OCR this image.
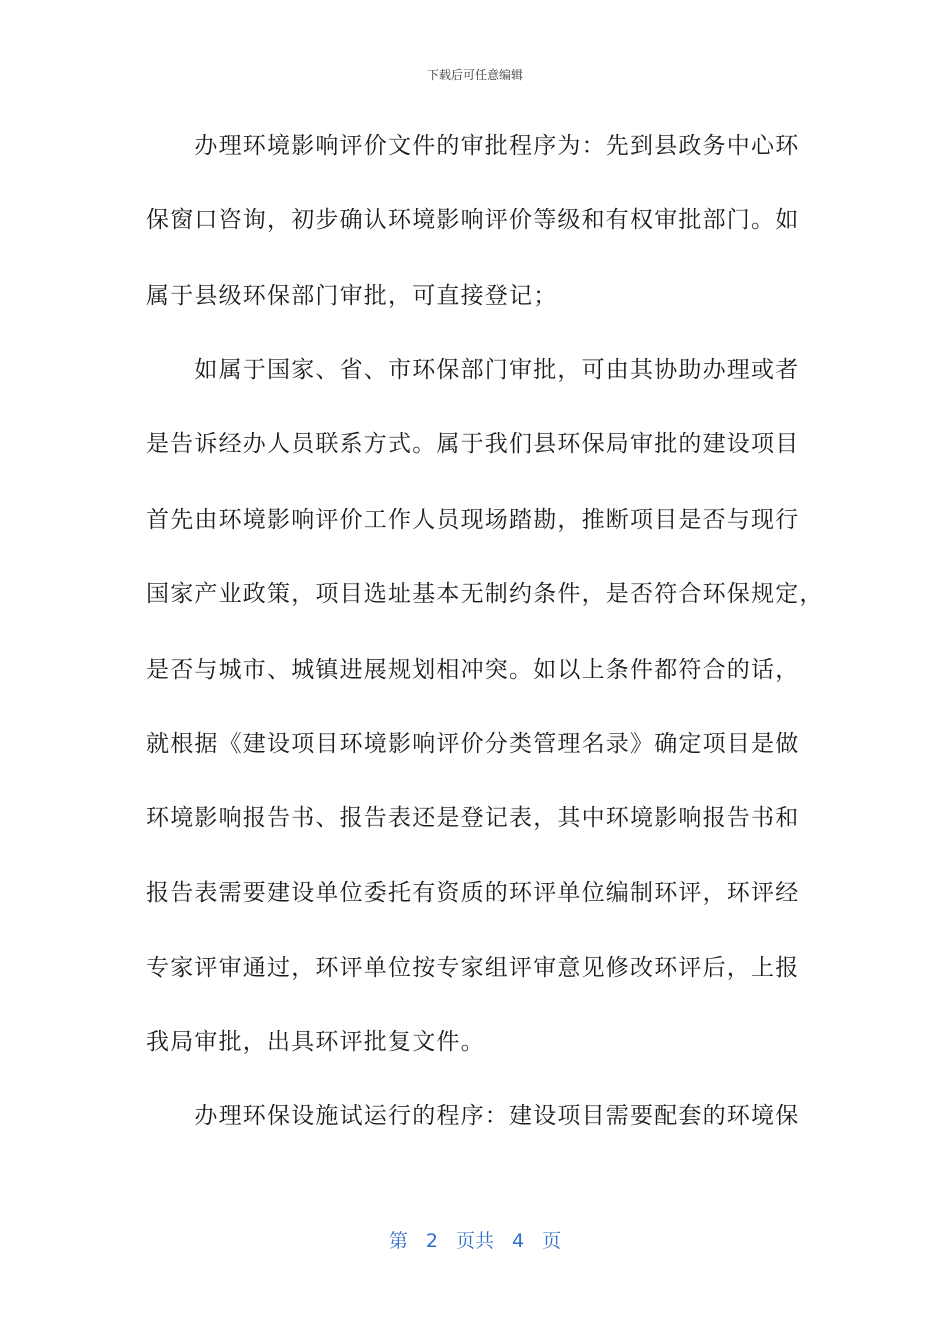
下载后可任意编辑
　　办理环境影响评价文件的审批程序为：先到县政务中心环
保窗口咨询，初步确认环境影响评价等级和有权审批部门。如
属于县级环保部门审批，可直接登记；
　　如属于国家、省、市环保部门审批，可由其协助办理或者
是告诉经办人员联系方式。属于我们县环保局审批的建设项目
首先由环境影响评价工作人员现场踏勘，推断项目是否与现行
国家产业政策，项目选址基本无制约条件，是否符合环保规定，
是否与城市、城镇进展规划相冲突。如以上条件都符合的话，
就根据《建设项目环境影响评价分类管理名录》确定项目是做
环境影响报告书、报告表还是登记表，其中环境影响报告书和
报告表需要建设单位委托有资质的环评单位编制环评，环评经
专家评审通过，环评单位按专家组评审意见修改环评后，上报
我局审批，出具环评批复文件。
　　办理环保设施试运行的程序：建设项目需要配套的环境保
第 2 页共 4 页
